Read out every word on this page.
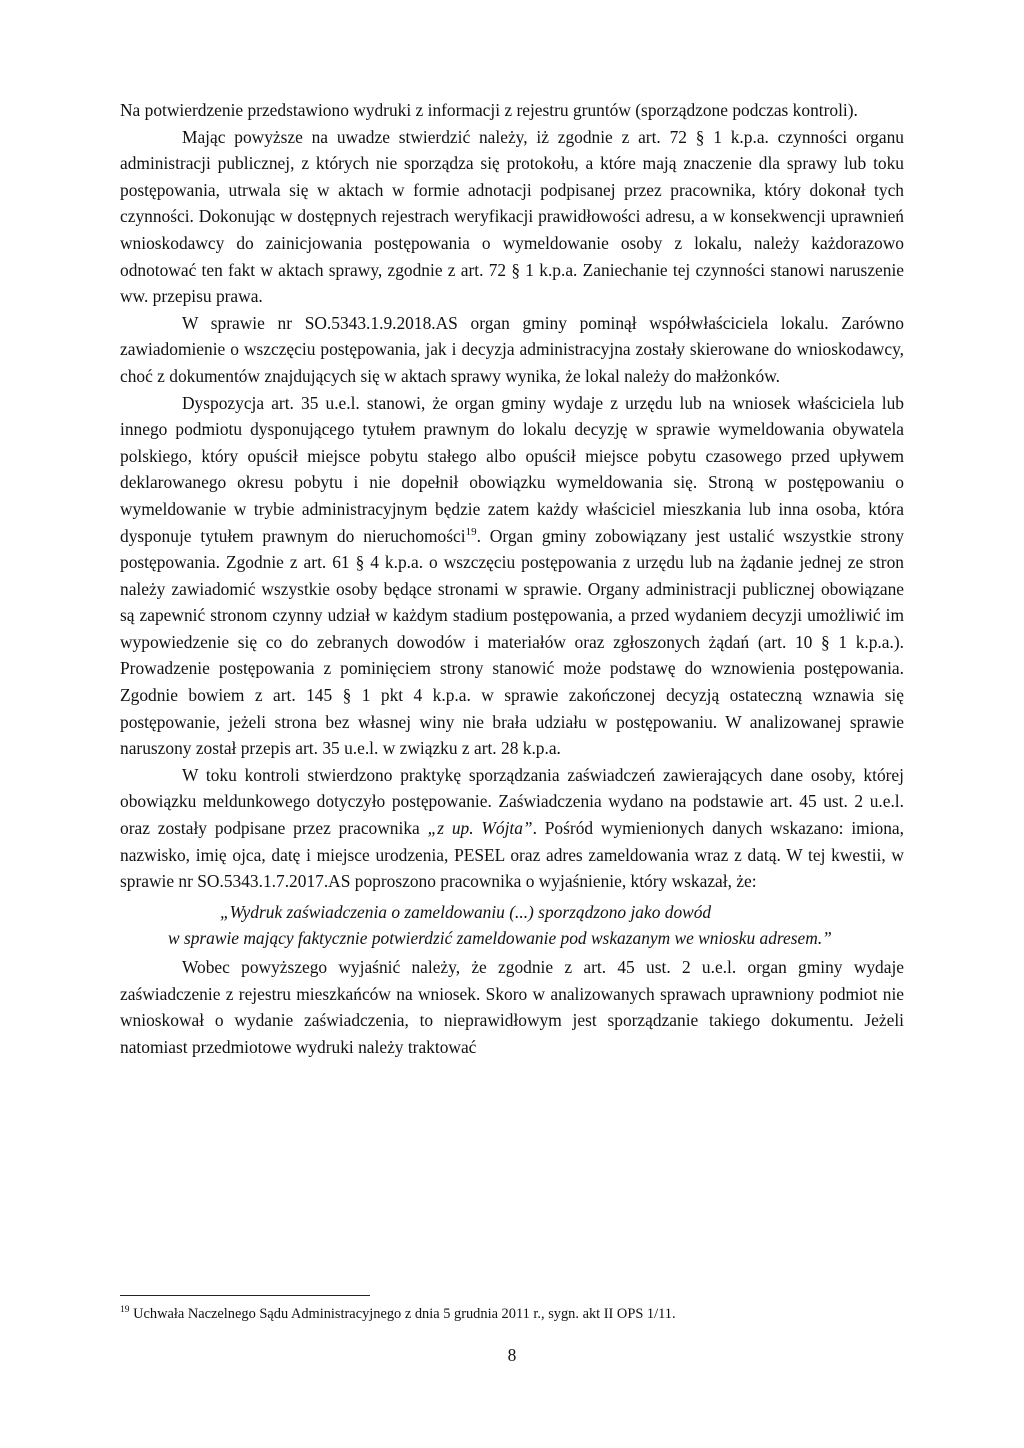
Na potwierdzenie przedstawiono wydruki z informacji z rejestru gruntów (sporządzone podczas kontroli).

Mając powyższe na uwadze stwierdzić należy, iż zgodnie z art. 72 § 1 k.p.a. czynności organu administracji publicznej, z których nie sporządza się protokołu, a które mają znaczenie dla sprawy lub toku postępowania, utrwala się w aktach w formie adnotacji podpisanej przez pracownika, który dokonał tych czynności. Dokonując w dostępnych rejestrach weryfikacji prawidłowości adresu, a w konsekwencji uprawnień wnioskodawcy do zainicjowania postępowania o wymeldowanie osoby z lokalu, należy każdorazowo odnotować ten fakt w aktach sprawy, zgodnie z art. 72 § 1 k.p.a. Zaniechanie tej czynności stanowi naruszenie ww. przepisu prawa.

W sprawie nr SO.5343.1.9.2018.AS organ gminy pominął współwłaściciela lokalu. Zarówno zawiadomienie o wszczęciu postępowania, jak i decyzja administracyjna zostały skierowane do wnioskodawcy, choć z dokumentów znajdujących się w aktach sprawy wynika, że lokal należy do małżonków.

Dyspozycja art. 35 u.e.l. stanowi, że organ gminy wydaje z urzędu lub na wniosek właściciela lub innego podmiotu dysponującego tytułem prawnym do lokalu decyzję w sprawie wymeldowania obywatela polskiego, który opuścił miejsce pobytu stałego albo opuścił miejsce pobytu czasowego przed upływem deklarowanego okresu pobytu i nie dopełnił obowiązku wymeldowania się. Stroną w postępowaniu o wymeldowanie w trybie administracyjnym będzie zatem każdy właściciel mieszkania lub inna osoba, która dysponuje tytułem prawnym do nieruchomości$^{19}$. Organ gminy zobowiązany jest ustalić wszystkie strony postępowania. Zgodnie z art. 61 § 4 k.p.a. o wszczęciu postępowania z urzędu lub na żądanie jednej ze stron należy zawiadomić wszystkie osoby będące stronami w sprawie. Organy administracji publicznej obowiązane są zapewnić stronom czynny udział w każdym stadium postępowania, a przed wydaniem decyzji umożliwić im wypowiedzenie się co do zebranych dowodów i materiałów oraz zgłoszonych żądań (art. 10 § 1 k.p.a.). Prowadzenie postępowania z pominięciem strony stanowić może podstawę do wznowienia postępowania. Zgodnie bowiem z art. 145 § 1 pkt 4 k.p.a. w sprawie zakończonej decyzją ostateczną wznawia się postępowanie, jeżeli strona bez własnej winy nie brała udziału w postępowaniu. W analizowanej sprawie naruszony został przepis art. 35 u.e.l. w związku z art. 28 k.p.a.

W toku kontroli stwierdzono praktykę sporządzania zaświadczeń zawierających dane osoby, której obowiązku meldunkowego dotyczyło postępowanie. Zaświadczenia wydano na podstawie art. 45 ust. 2 u.e.l. oraz zostały podpisane przez pracownika „z up. Wójta”. Pośród wymienionych danych wskazano: imiona, nazwisko, imię ojca, datę i miejsce urodzenia, PESEL oraz adres zameldowania wraz z datą. W tej kwestii, w sprawie nr SO.5343.1.7.2017.AS poproszono pracownika o wyjaśnienie, który wskazał, że:

„Wydruk zaświadczenia o zameldowaniu (...) sporządzono jako dowód
w sprawie mający faktycznie potwierdzić zameldowanie pod wskazanym we wniosku adresem.”

Wobec powyższego wyjaśnić należy, że zgodnie z art. 45 ust. 2 u.e.l. organ gminy wydaje zaświadczenie z rejestru mieszkańców na wniosek. Skoro w analizowanych sprawach uprawniony podmiot nie wnioskował o wydanie zaświadczenia, to nieprawidłowym jest sporządzanie takiego dokumentu. Jeżeli natomiast przedmiotowe wydruki należy traktować

$^{19}$ Uchwała Naczelnego Sądu Administracyjnego z dnia 5 grudnia 2011 r., sygn. akt II OPS 1/11.
8
